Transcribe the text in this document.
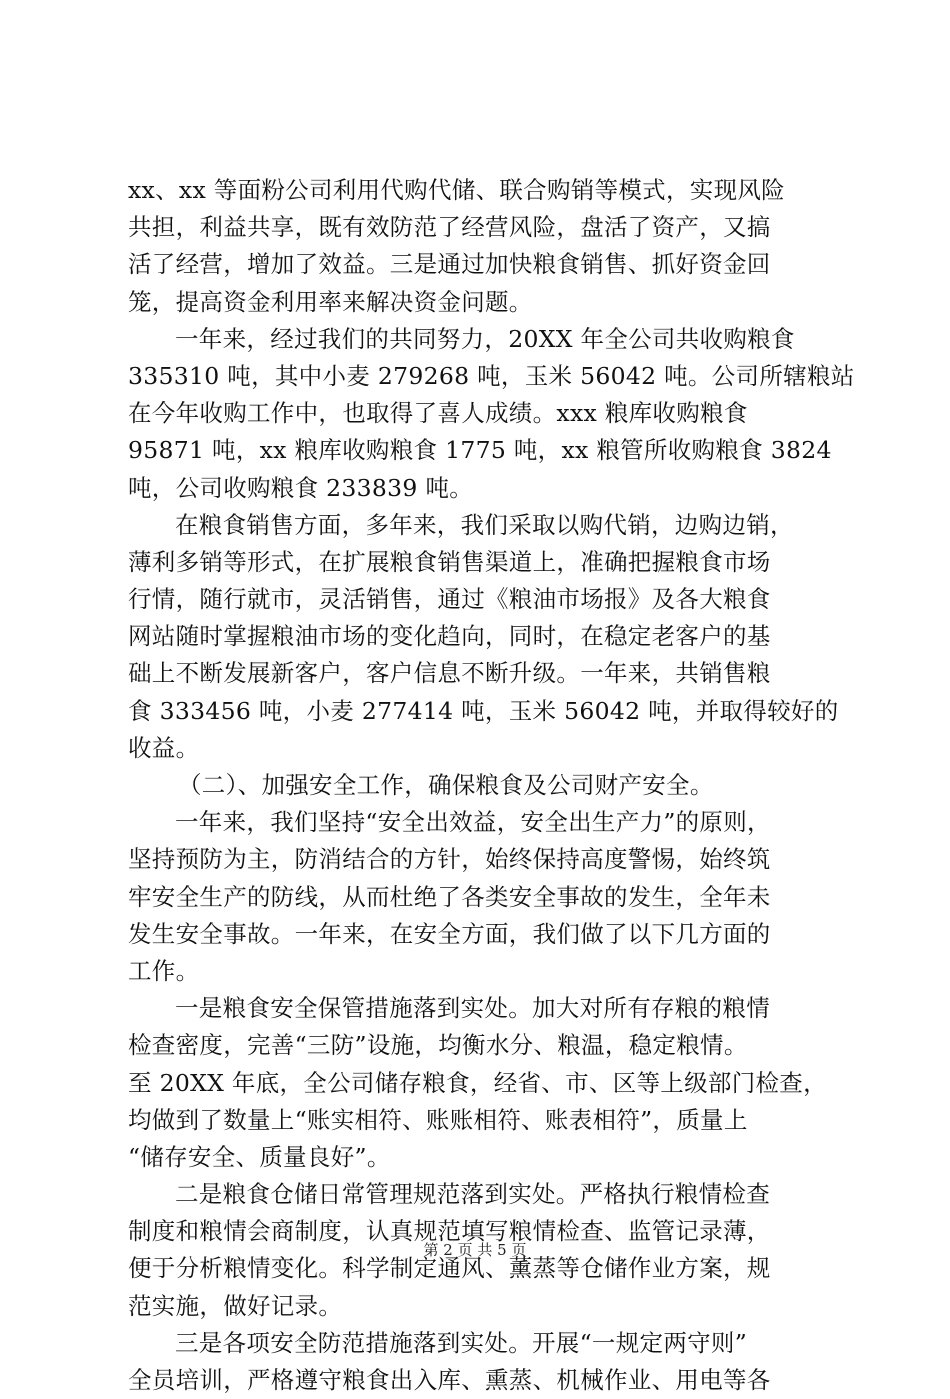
xx、xx 等面粉公司利用代购代储、联合购销等模式，实现风险
共担，利益共享，既有效防范了经营风险，盘活了资产，又搞
活了经营，增加了效益。三是通过加快粮食销售、抓好资金回
笼，提高资金利用率来解决资金问题。
一年来，经过我们的共同努力，20XX 年全公司共收购粮食
335310 吨，其中小麦 279268 吨，玉米 56042 吨。公司所辖粮站
在今年收购工作中，也取得了喜人成绩。xxx 粮库收购粮食
95871 吨，xx 粮库收购粮食 1775 吨，xx 粮管所收购粮食 3824
吨，公司收购粮食 233839 吨。
在粮食销售方面，多年来，我们采取以购代销，边购边销，
薄利多销等形式，在扩展粮食销售渠道上，准确把握粮食市场
行情，随行就市，灵活销售，通过《粮油市场报》及各大粮食
网站随时掌握粮油市场的变化趋向，同时，在稳定老客户的基
础上不断发展新客户，客户信息不断升级。一年来，共销售粮
食 333456 吨，小麦 277414 吨，玉米 56042 吨，并取得较好的
收益。
（二）、加强安全工作，确保粮食及公司财产安全。
一年来，我们坚持“安全出效益，安全出生产力”的原则，
坚持预防为主，防消结合的方针，始终保持高度警惕，始终筑
牢安全生产的防线，从而杜绝了各类安全事故的发生，全年未
发生安全事故。一年来，在安全方面，我们做了以下几方面的
工作。
一是粮食安全保管措施落到实处。加大对所有存粮的粮情
检查密度，完善“三防”设施，均衡水分、粮温，稳定粮情。
至 20XX 年底，全公司储存粮食，经省、市、区等上级部门检查，
均做到了数量上“账实相符、账账相符、账表相符”，质量上
“储存安全、质量良好”。
二是粮食仓储日常管理规范落到实处。严格执行粮情检查
制度和粮情会商制度，认真规范填写粮情检查、监管记录薄，
便于分析粮情变化。科学制定通风、薰蒸等仓储作业方案，规
范实施，做好记录。
三是各项安全防范措施落到实处。开展“一规定两守则”
全员培训，严格遵守粮食出入库、熏蒸、机械作业、用电等各
第 2 页 共 5 页
